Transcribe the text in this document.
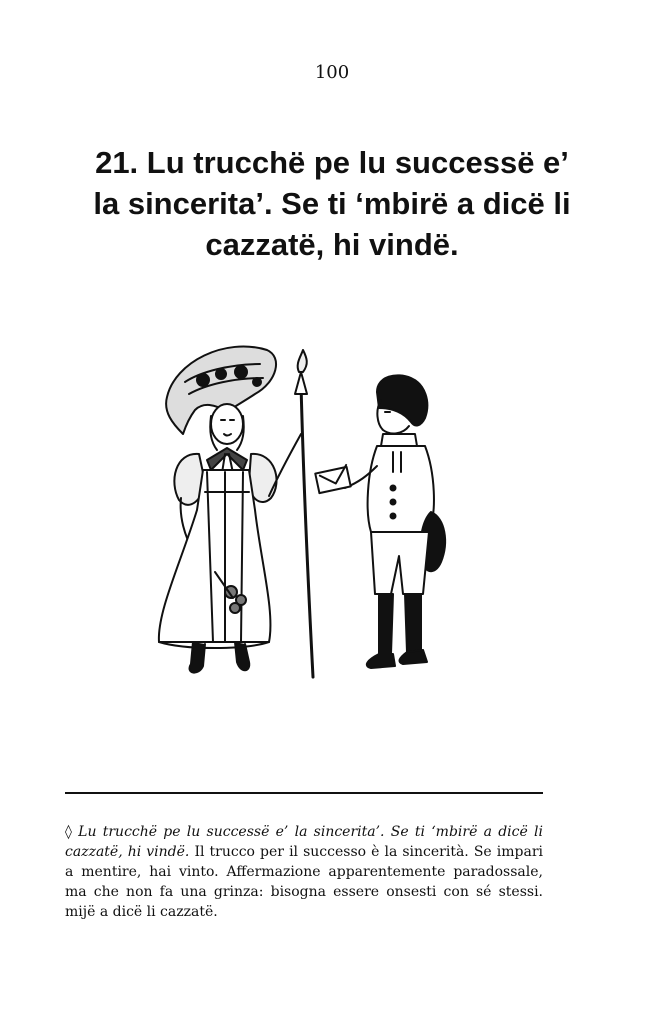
100
21. Lu trucchë pe lu successë e’
la sincerita’. Se ti ‘mbirë a dicë li
cazzatë, hi vindë.

◊ Lu trucchë pe lu successë e’ la sincerita’. Se ti ‘mbirë a dicë li cazzatë, hi vindë. Il trucco per il successo è la sincerità. Se impari a mentire, hai vinto. Affermazione apparentemente paradossale, ma che non fa una grinza: bisogna essere onsesti con sé stessi. mijë a dicë li cazzatë.
